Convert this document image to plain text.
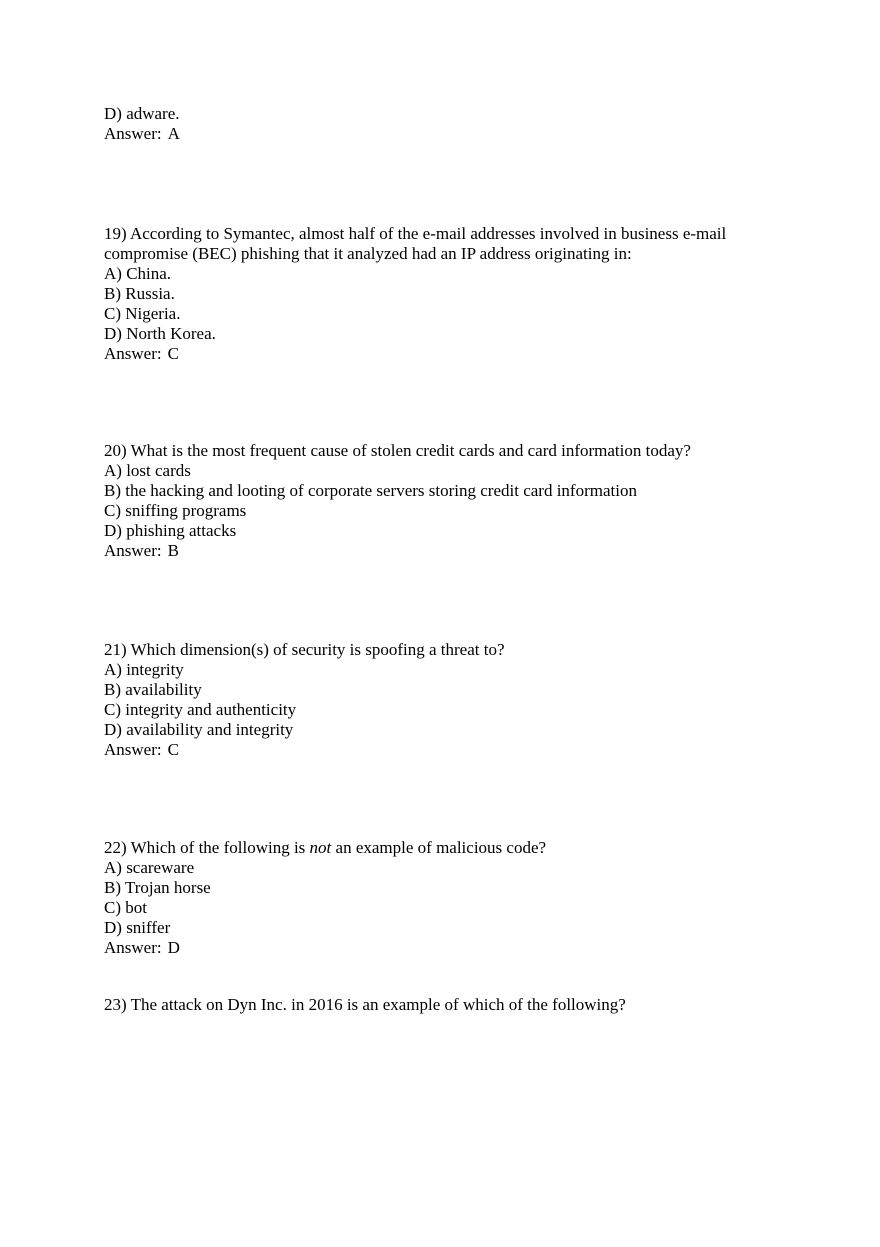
D) adware.
Answer: A
19) According to Symantec, almost half of the e-mail addresses involved in business e-mail
compromise (BEC) phishing that it analyzed had an IP address originating in:
A) China.
B) Russia.
C) Nigeria.
D) North Korea.
Answer: C
20) What is the most frequent cause of stolen credit cards and card information today?
A) lost cards
B) the hacking and looting of corporate servers storing credit card information
C) sniffing programs
D) phishing attacks
Answer: B
21) Which dimension(s) of security is spoofing a threat to?
A) integrity
B) availability
C) integrity and authenticity
D) availability and integrity
Answer: C
22) Which of the following is not an example of malicious code?
A) scareware
B) Trojan horse
C) bot
D) sniffer
Answer: D
23) The attack on Dyn Inc. in 2016 is an example of which of the following?
